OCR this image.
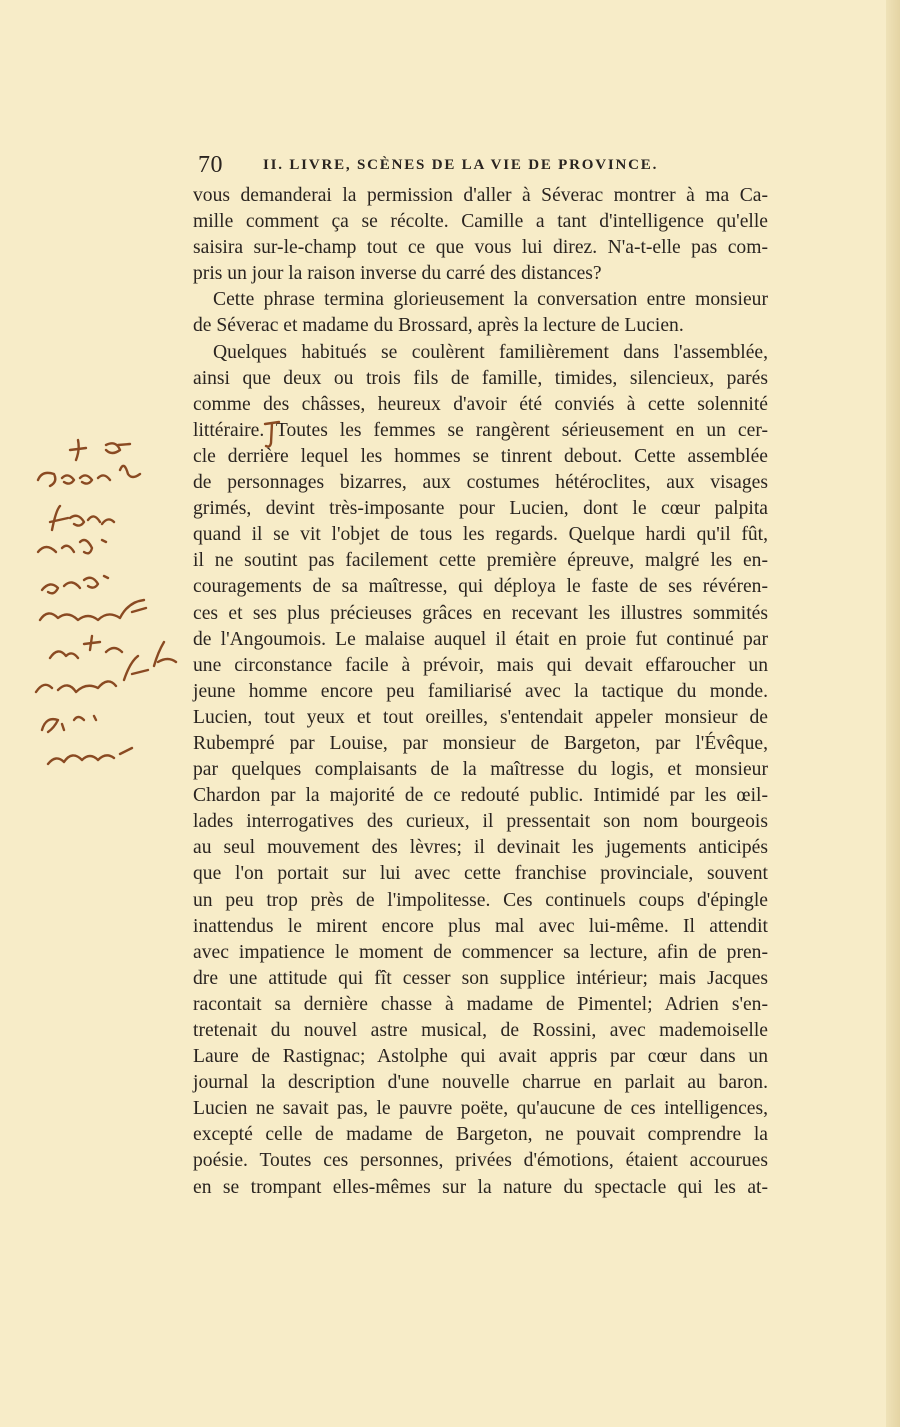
70	II. LIVRE, SCÈNES DE LA VIE DE PROVINCE.
vous demanderai la permission d'aller à Séverac montrer à ma Ca-
mille comment ça se récolte. Camille a tant d'intelligence qu'elle
saisira sur-le-champ tout ce que vous lui direz. N'a-t-elle pas com-
pris un jour la raison inverse du carré des distances?
Cette phrase termina glorieusement la conversation entre monsieur
de Séverac et madame du Brossard, après la lecture de Lucien.
Quelques habitués se coulèrent familièrement dans l'assemblée,
ainsi que deux ou trois fils de famille, timides, silencieux, parés
comme des châsses, heureux d'avoir été conviés à cette solennité
littéraire. Toutes les femmes se rangèrent sérieusement en un cer-
cle derrière lequel les hommes se tinrent debout. Cette assemblée
de personnages bizarres, aux costumes hétéroclites, aux visages
grimés, devint très-imposante pour Lucien, dont le cœur palpita
quand il se vit l'objet de tous les regards. Quelque hardi qu'il fût,
il ne soutint pas facilement cette première épreuve, malgré les en-
couragements de sa maîtresse, qui déploya le faste de ses révéren-
ces et ses plus précieuses grâces en recevant les illustres sommités
de l'Angoumois. Le malaise auquel il était en proie fut continué par
une circonstance facile à prévoir, mais qui devait effaroucher un
jeune homme encore peu familiarisé avec la tactique du monde.
Lucien, tout yeux et tout oreilles, s'entendait appeler monsieur de
Rubempré par Louise, par monsieur de Bargeton, par l'Évêque,
par quelques complaisants de la maîtresse du logis, et monsieur
Chardon par la majorité de ce redouté public. Intimidé par les œil-
lades interrogatives des curieux, il pressentait son nom bourgeois
au seul mouvement des lèvres; il devinait les jugements anticipés
que l'on portait sur lui avec cette franchise provinciale, souvent
un peu trop près de l'impolitesse. Ces continuels coups d'épingle
inattendus le mirent encore plus mal avec lui-même. Il attendit
avec impatience le moment de commencer sa lecture, afin de pren-
dre une attitude qui fît cesser son supplice intérieur; mais Jacques
racontait sa dernière chasse à madame de Pimentel; Adrien s'en-
tretenait du nouvel astre musical, de Rossini, avec mademoiselle
Laure de Rastignac; Astolphe qui avait appris par cœur dans un
journal la description d'une nouvelle charrue en parlait au baron.
Lucien ne savait pas, le pauvre poëte, qu'aucune de ces intelligences,
excepté celle de madame de Bargeton, ne pouvait comprendre la
poésie. Toutes ces personnes, privées d'émotions, étaient accourues
en se trompant elles-mêmes sur la nature du spectacle qui les at-
